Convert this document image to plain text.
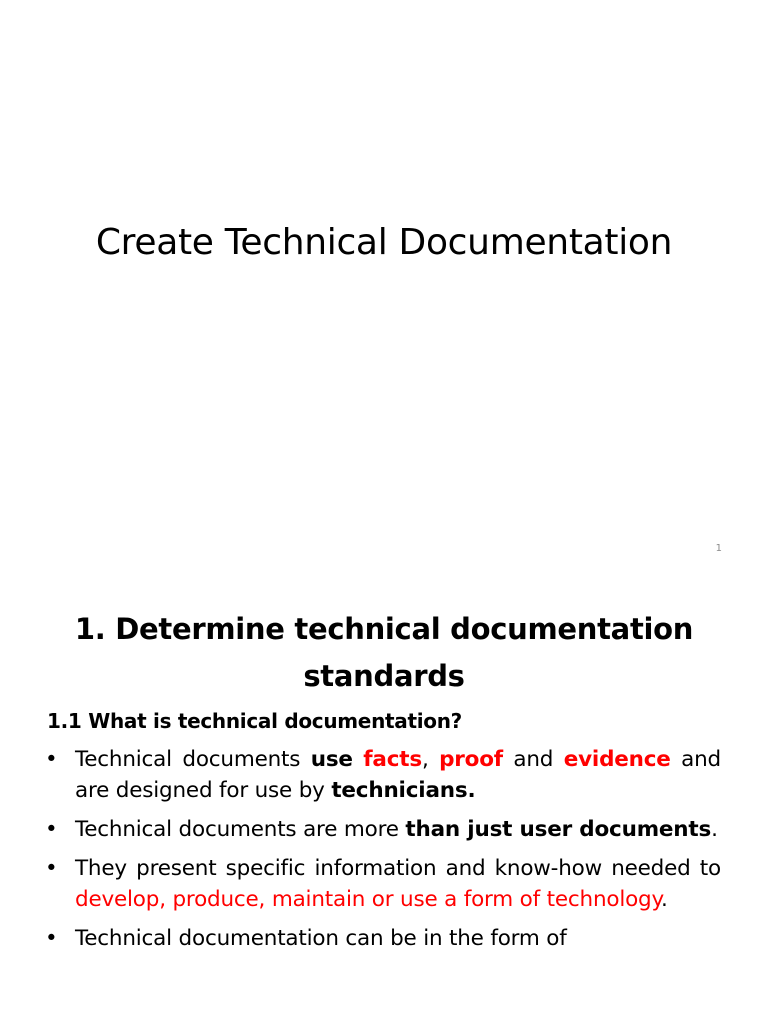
Create Technical Documentation
1
1. Determine technical documentation standards
1.1 What is technical documentation?
• Technical documents use facts, proof and evidence and are designed for use by technicians.
• Technical documents are more than just user documents.
• They present specific information and know-how needed to develop, produce, maintain or use a form of technology.
• Technical documentation can be in the form of
